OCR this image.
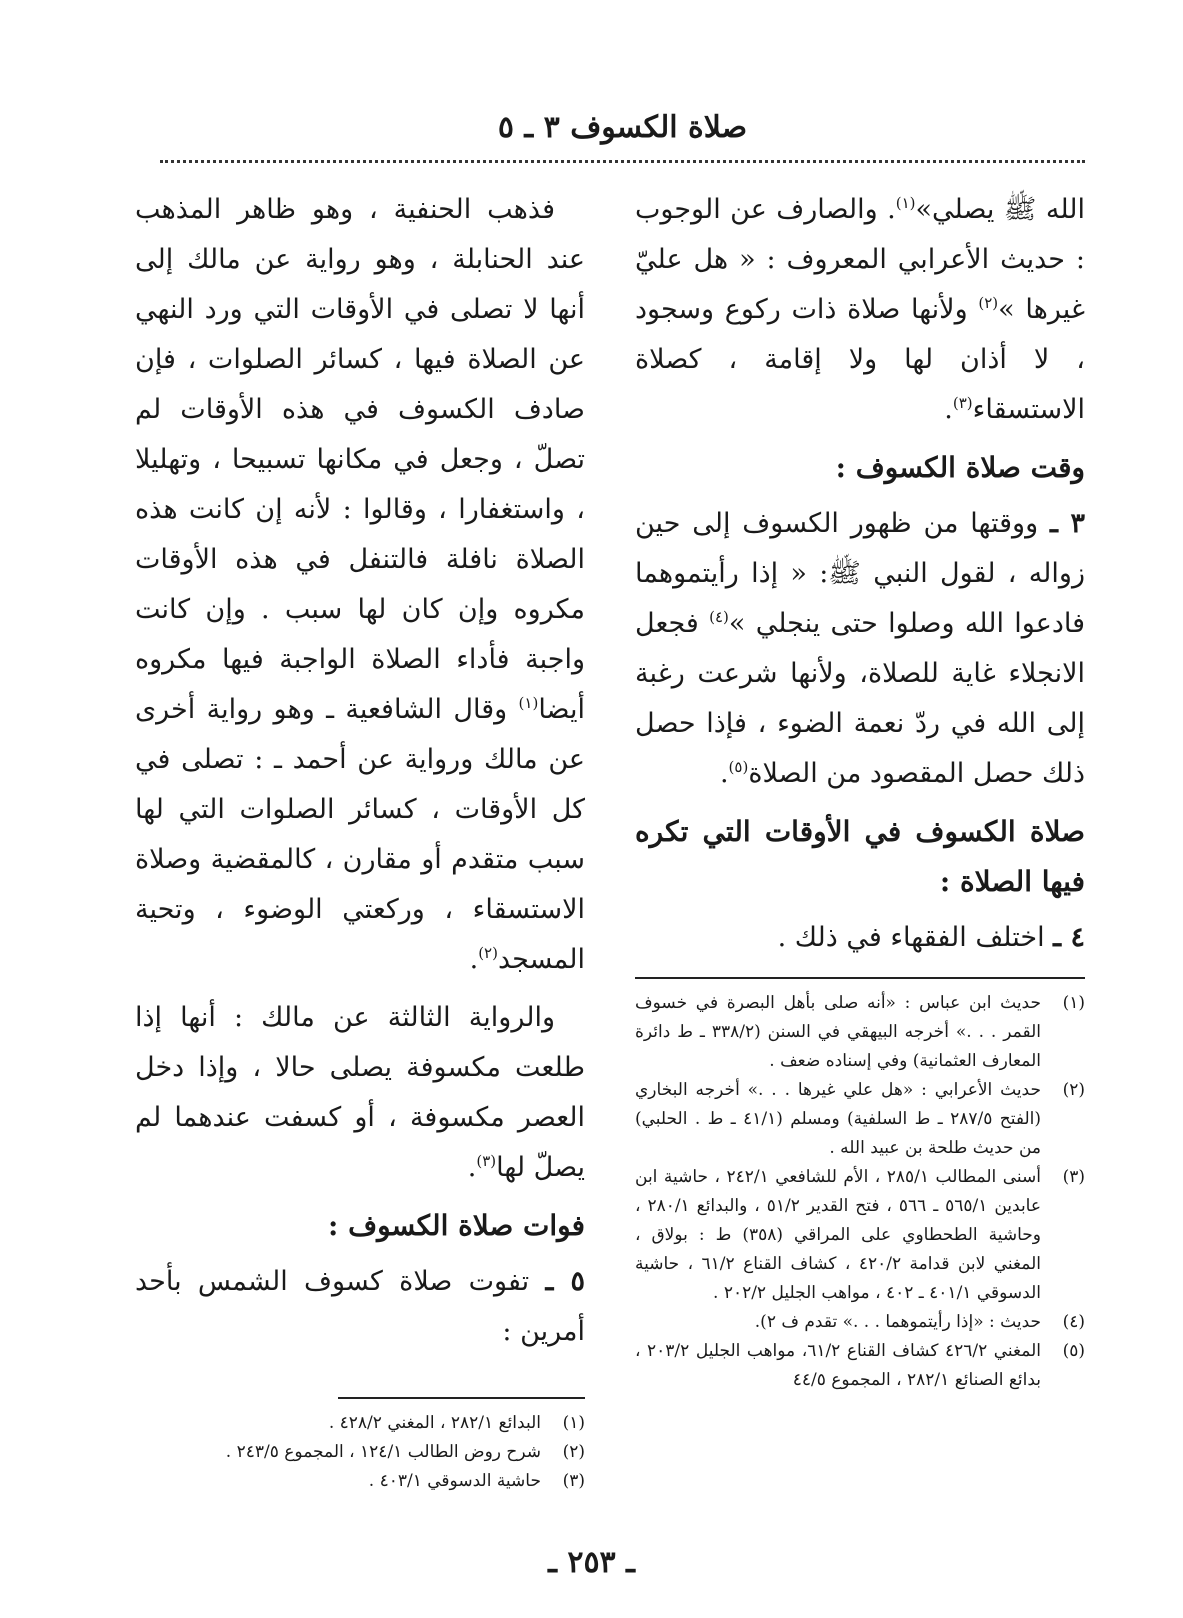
صلاة الكسوف ٣ ـ ٥

الله ﷺ يصلي»$^{(١)}$. والصارف عن الوجوب : حديث الأعرابي المعروف : « هل عليّ غيرها »$^{(٢)}$ ولأنها صلاة ذات ركوع وسجود ، لا أذان لها ولا إقامة ، كصلاة الاستسقاء$^{(٣)}$.

وقت صلاة الكسوف :

٣ ـ ووقتها من ظهور الكسوف إلى حين زواله ، لقول النبي ﷺ: « إذا رأيتموهما فادعوا الله وصلوا حتى ينجلي »$^{(٤)}$ فجعل الانجلاء غاية للصلاة، ولأنها شرعت رغبة إلى الله في ردّ نعمة الضوء ، فإذا حصل ذلك حصل المقصود من الصلاة$^{(٥)}$.

صلاة الكسوف في الأوقات التي تكره فيها الصلاة :

٤ ـ اختلف الفقهاء في ذلك .

(١)
حديث ابن عباس : «أنه صلى بأهل البصرة في خسوف القمر . . .» أخرجه البيهقي في السنن (٣٣٨/٢ ـ ط دائرة المعارف العثمانية) وفي إسناده ضعف .
(٢)
حديث الأعرابي : «هل علي غيرها . . .» أخرجه البخاري (الفتح ٢٨٧/٥ ـ ط السلفية) ومسلم (٤١/١ ـ ط . الحلبي) من حديث طلحة بن عبيد الله .
(٣)
أسنى المطالب ٢٨٥/١ ، الأم للشافعي ٢٤٢/١ ، حاشية ابن عابدين ٥٦٥/١ ـ ٥٦٦ ، فتح القدير ٥١/٢ ، والبدائع ٢٨٠/١ ، وحاشية الطحطاوي على المراقي (٣٥٨) ط : بولاق ، المغني لابن قدامة ٤٢٠/٢ ، كشاف القناع ٦١/٢ ، حاشية الدسوقي ٤٠١/١ ـ ٤٠٢ ، مواهب الجليل ٢٠٢/٢ .
(٤)
حديث : «إذا رأيتموهما . . .» تقدم ف ٢).
(٥)
المغني ٤٢٦/٢ كشاف القناع ٦١/٢، مواهب الجليل ٢٠٣/٢ ، بدائع الصنائع ٢٨٢/١ ، المجموع ٤٤/٥

فذهب الحنفية ، وهو ظاهر المذهب عند الحنابلة ، وهو رواية عن مالك إلى أنها لا تصلى في الأوقات التي ورد النهي عن الصلاة فيها ، كسائر الصلوات ، فإن صادف الكسوف في هذه الأوقات لم تصلّ ، وجعل في مكانها تسبيحا ، وتهليلا ، واستغفارا ، وقالوا : لأنه إن كانت هذه الصلاة نافلة فالتنفل في هذه الأوقات مكروه وإن كان لها سبب . وإن كانت واجبة فأداء الصلاة الواجبة فيها مكروه أيضا$^{(١)}$ وقال الشافعية ـ وهو رواية أخرى عن مالك ورواية عن أحمد ـ : تصلى في كل الأوقات ، كسائر الصلوات التي لها سبب متقدم أو مقارن ، كالمقضية وصلاة الاستسقاء ، وركعتي الوضوء ، وتحية المسجد$^{(٢)}$.

والرواية الثالثة عن مالك : أنها إذا طلعت مكسوفة يصلى حالا ، وإذا دخل العصر مكسوفة ، أو كسفت عندهما لم يصلّ لها$^{(٣)}$.

فوات صلاة الكسوف :

٥ ـ تفوت صلاة كسوف الشمس بأحد أمرين :

(١)
البدائع ٢٨٢/١ ، المغني ٤٢٨/٢ .
(٢)
شرح روض الطالب ١٢٤/١ ، المجموع ٢٤٣/٥ .
(٣)
حاشية الدسوقي ٤٠٣/١ .
ـ ٢٥٣ ـ
